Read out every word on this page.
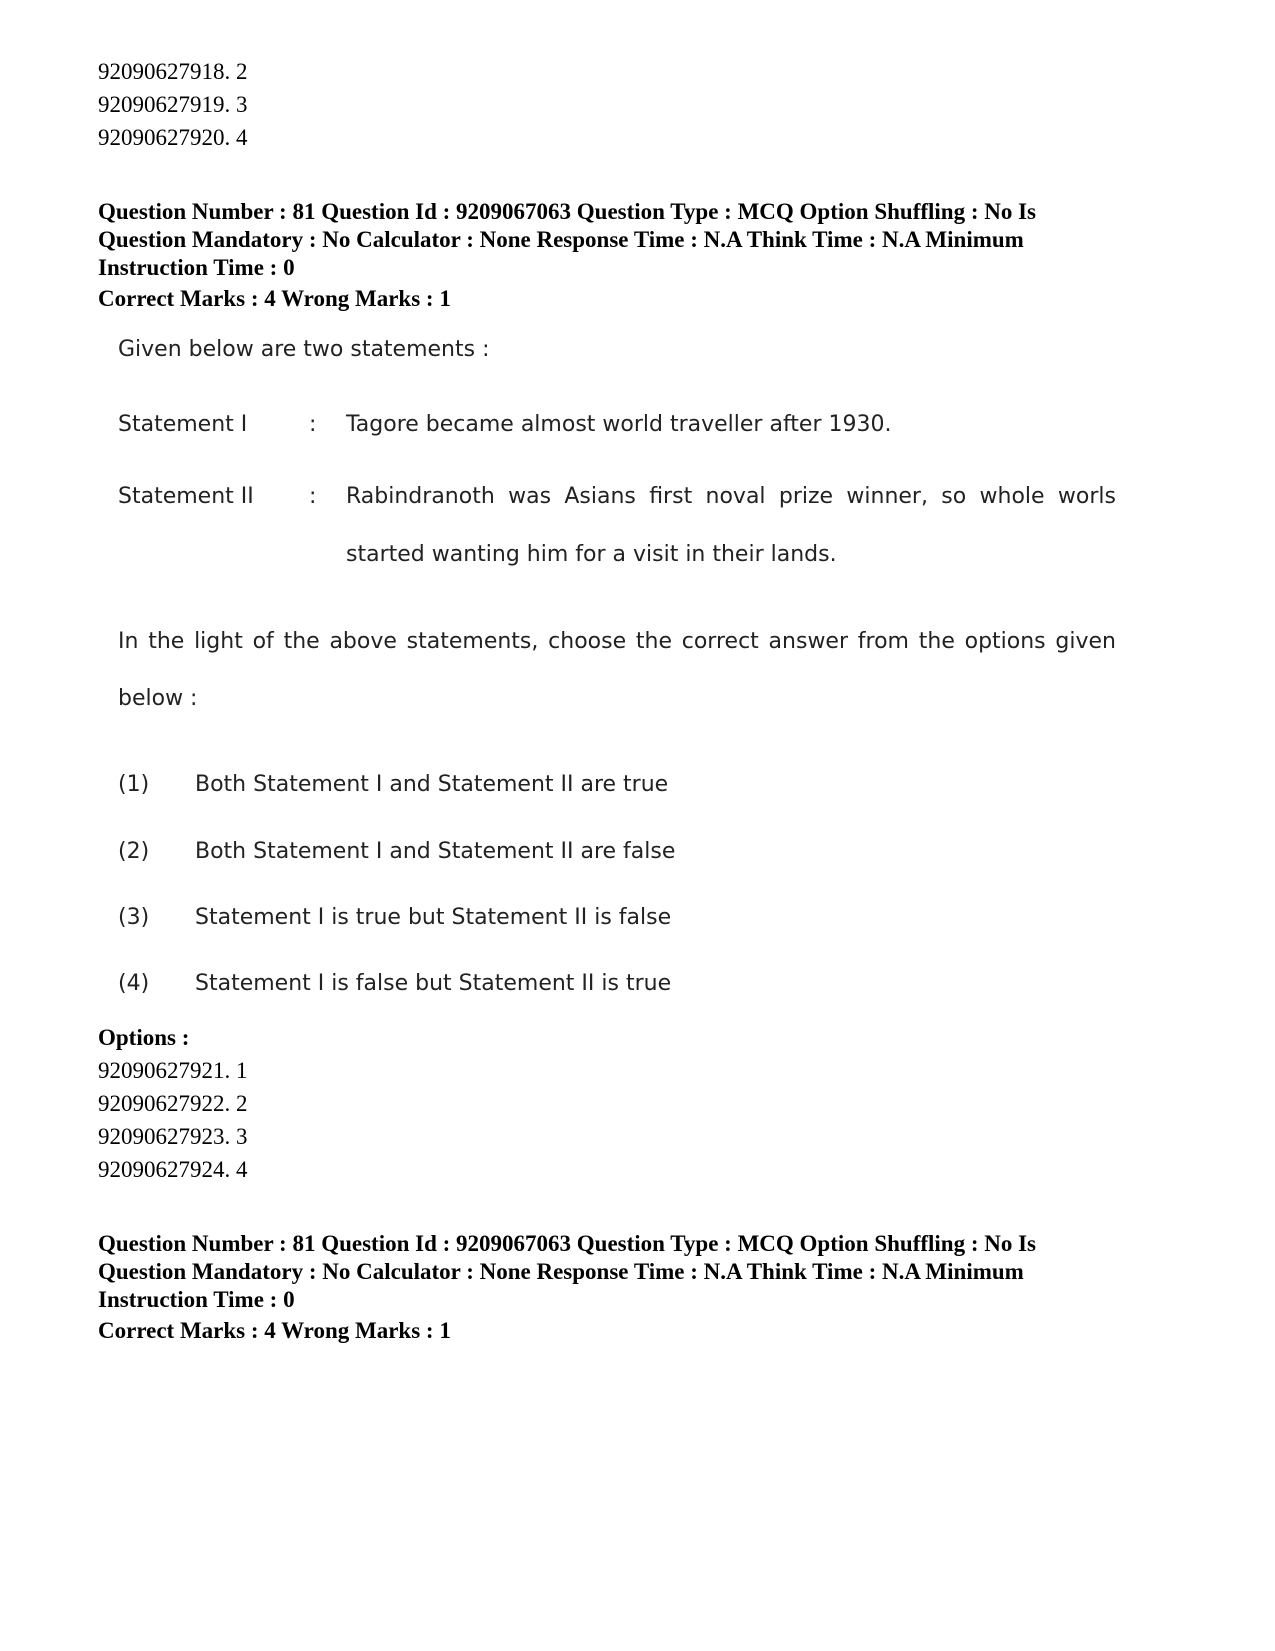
92090627918. 2
92090627919. 3
92090627920. 4
Question Number : 81 Question Id : 9209067063 Question Type : MCQ Option Shuffling : No Is
Question Mandatory : No Calculator : None Response Time : N.A Think Time : N.A Minimum
Instruction Time : 0
Correct Marks : 4 Wrong Marks : 1
Given below are two statements :
Statement I	: Tagore became almost world traveller after 1930.
Statement II	: Rabindranoth was Asians first noval prize winner, so whole worls
started wanting him for a visit in their lands.
In the light of the above statements, choose the correct answer from the options given
below :
(1) Both Statement I and Statement II are true
(2) Both Statement I and Statement II are false
(3) Statement I is true but Statement II is false
(4) Statement I is false but Statement II is true
Options :
92090627921. 1
92090627922. 2
92090627923. 3
92090627924. 4
Question Number : 81 Question Id : 9209067063 Question Type : MCQ Option Shuffling : No Is
Question Mandatory : No Calculator : None Response Time : N.A Think Time : N.A Minimum
Instruction Time : 0
Correct Marks : 4 Wrong Marks : 1
